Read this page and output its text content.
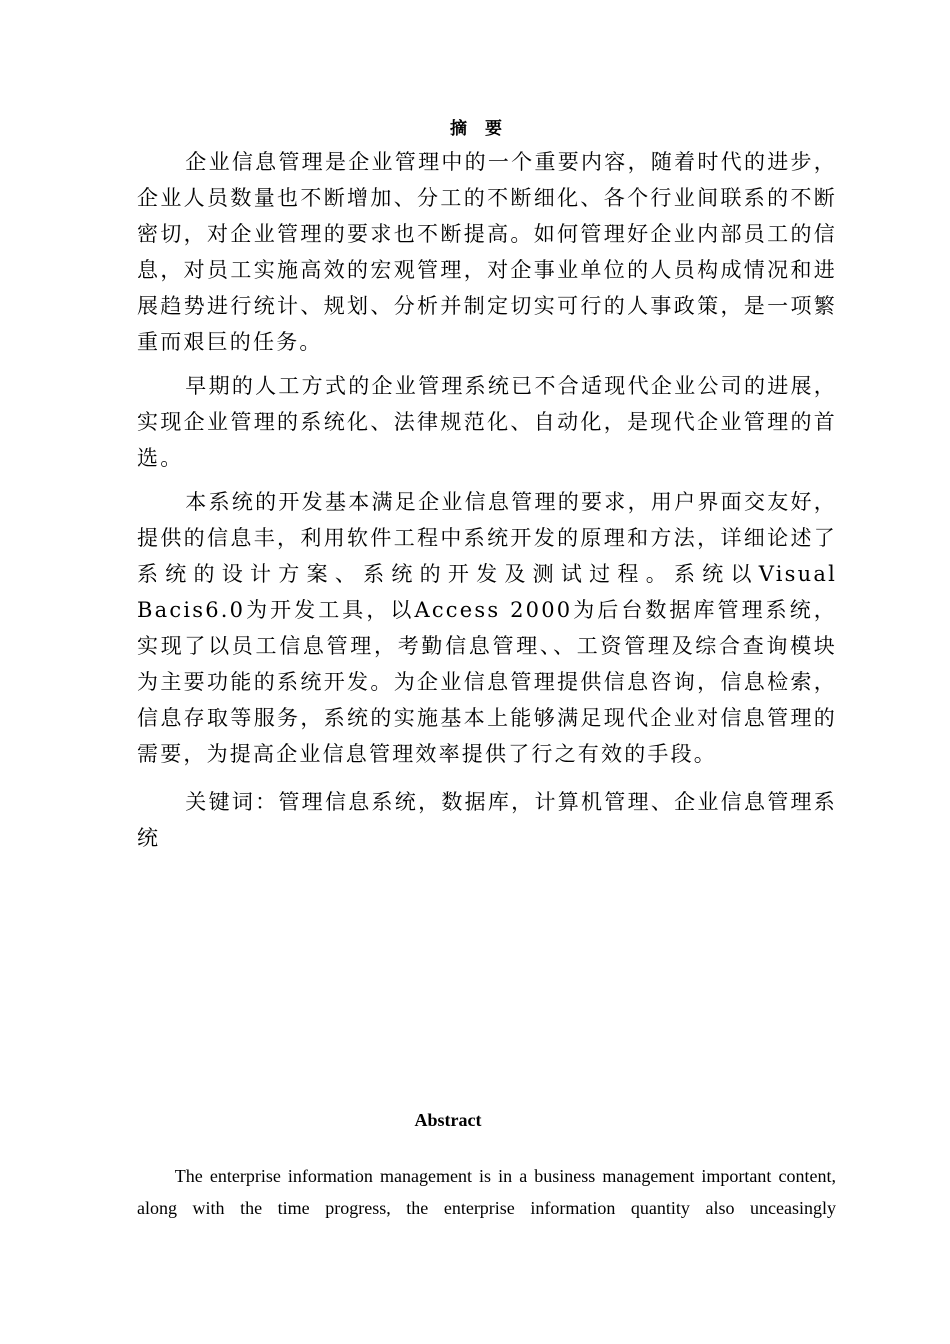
摘要

企业信息管理是企业管理中的一个重要内容，随着时代的进步，企业人员数量也不断增加、分工的不断细化、各个行业间联系的不断密切，对企业管理的要求也不断提高。如何管理好企业内部员工的信息，对员工实施高效的宏观管理，对企事业单位的人员构成情况和进展趋势进行统计、规划、分析并制定切实可行的人事政策，是一项繁重而艰巨的任务。

早期的人工方式的企业管理系统已不合适现代企业公司的进展，实现企业管理的系统化、法律规范化、自动化，是现代企业管理的首选。

本系统的开发基本满足企业信息管理的要求，用户界面交友好，提供的信息丰，利用软件工程中系统开发的原理和方法，详细论述了系统的设计方案、系统的开发及测试过程。系统以Visual Bacis6.0为开发工具，以Access 2000为后台数据库管理系统，实现了以员工信息管理，考勤信息管理、、工资管理及综合查询模块为主要功能的系统开发。为企业信息管理提供信息咨询，信息检索，信息存取等服务，系统的实施基本上能够满足现代企业对信息管理的需要，为提高企业信息管理效率提供了行之有效的手段。

关键词：管理信息系统，数据库，计算机管理、企业信息管理系统

Abstract

The enterprise information management is in a business management important content, along with the time progress, the enterprise information quantity also unceasingly
